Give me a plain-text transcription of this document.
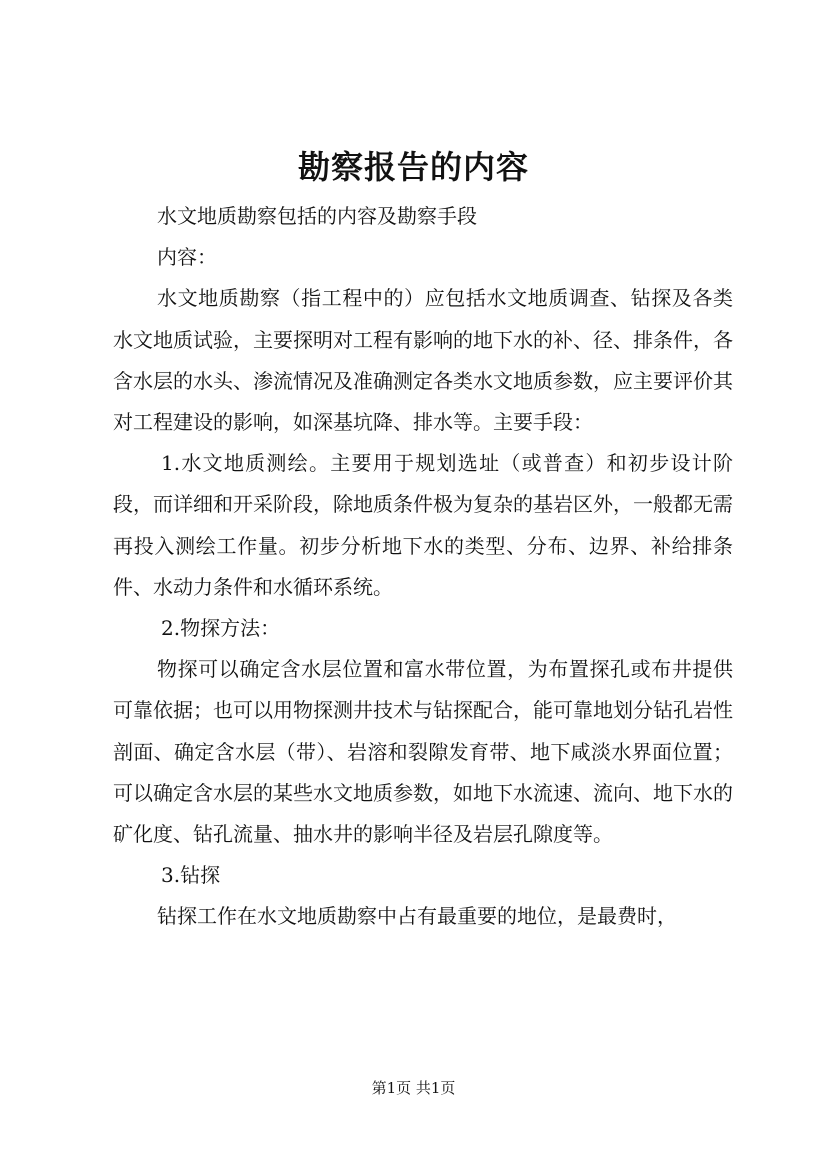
勘察报告的内容

水文地质勘察包括的内容及勘察手段

内容：

水文地质勘察（指工程中的）应包括水文地质调查、钻探及各类水文地质试验，主要探明对工程有影响的地下水的补、径、排条件，各含水层的水头、渗流情况及准确测定各类水文地质参数，应主要评价其对工程建设的影响，如深基坑降、排水等。主要手段：

1.水文地质测绘。主要用于规划选址（或普查）和初步设计阶段，而详细和开采阶段，除地质条件极为复杂的基岩区外，一般都无需再投入测绘工作量。初步分析地下水的类型、分布、边界、补给排条件、水动力条件和水循环系统。

2.物探方法：

物探可以确定含水层位置和富水带位置，为布置探孔或布井提供可靠依据；也可以用物探测井技术与钻探配合，能可靠地划分钻孔岩性剖面、确定含水层（带）、岩溶和裂隙发育带、地下咸淡水界面位置；可以确定含水层的某些水文地质参数，如地下水流速、流向、地下水的矿化度、钻孔流量、抽水井的影响半径及岩层孔隙度等。

3.钻探

钻探工作在水文地质勘察中占有最重要的地位，是最费时，

第1页 共1页
